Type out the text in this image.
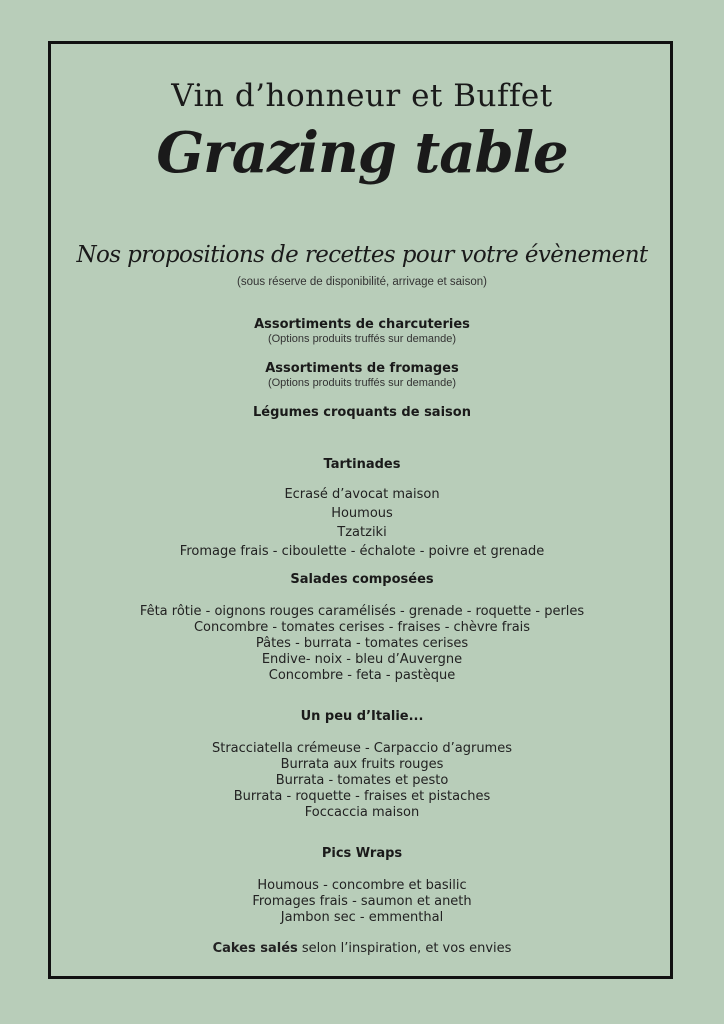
Vin d’honneur et Buffet
Grazing table
Nos propositions de recettes pour votre évènement
(sous réserve de disponibilité, arrivage et saison)
Assortiments de charcuteries
(Options produits truffés sur demande)
Assortiments de fromages
(Options produits truffés sur demande)
Légumes croquants de saison
Tartinades
Ecrasé d’avocat maison
Houmous
Tzatziki
Fromage frais - ciboulette - échalote - poivre et grenade
Salades composées
Fêta rôtie - oignons rouges caramélisés - grenade - roquette - perles
Concombre - tomates cerises - fraises - chèvre frais
Pâtes - burrata - tomates cerises
Endive- noix - bleu d’Auvergne
Concombre - feta - pastèque
Un peu d’Italie...
Stracciatella crémeuse - Carpaccio d’agrumes
Burrata aux fruits rouges
Burrata - tomates et pesto
Burrata - roquette - fraises et pistaches
Foccaccia maison
Pics Wraps
Houmous - concombre et basilic
Fromages frais - saumon et aneth
Jambon sec - emmenthal
Cakes salés selon l’inspiration, et vos envies
